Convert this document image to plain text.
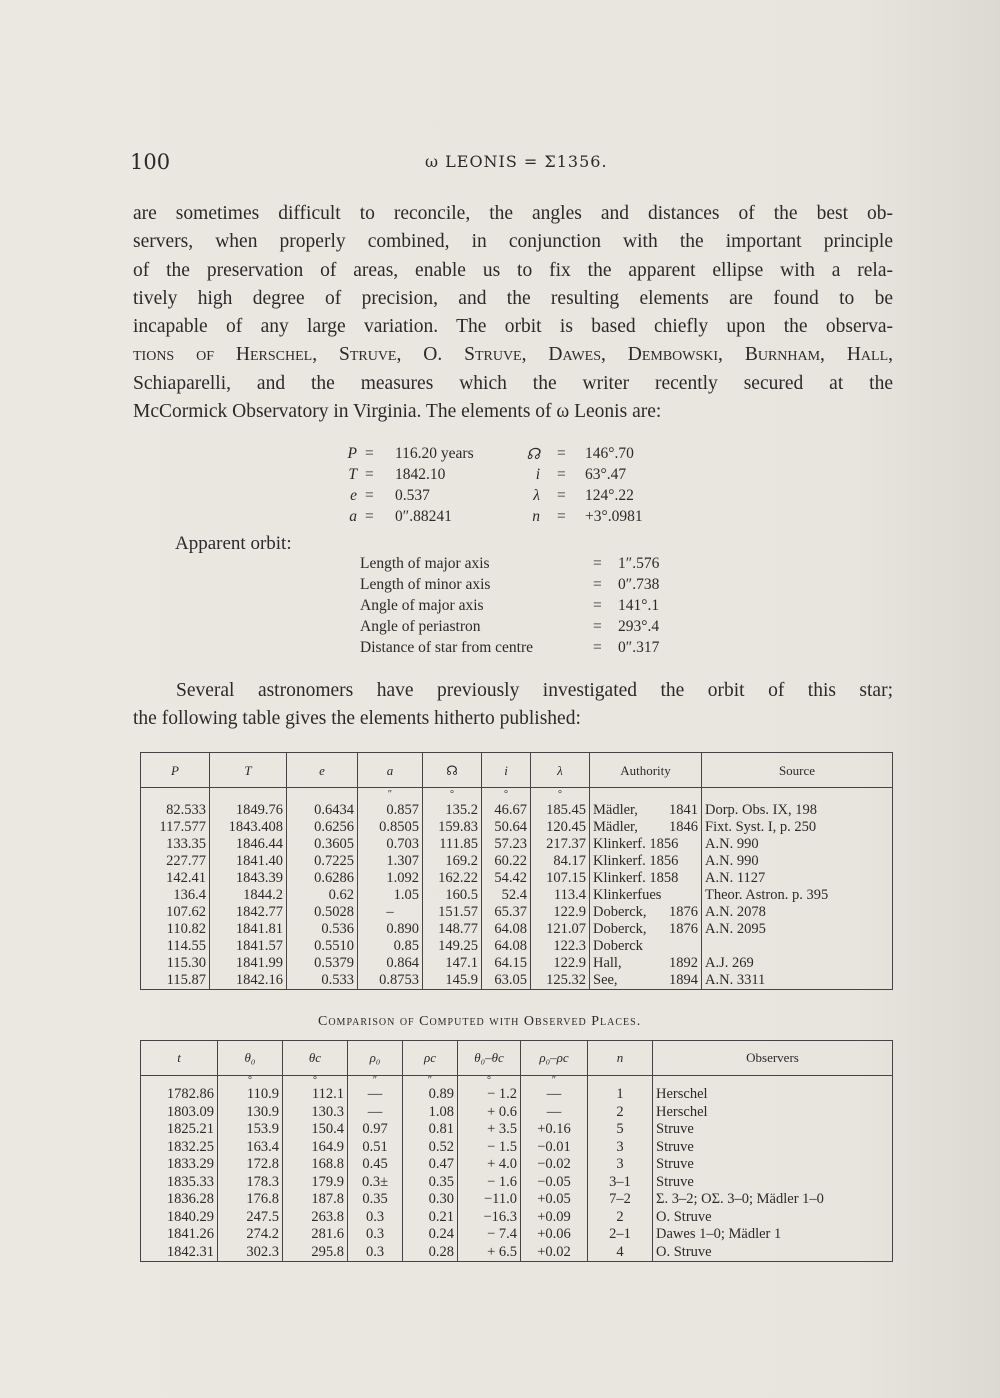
100	ω LEONIS = Σ1356.
are sometimes difficult to reconcile, the angles and distances of the best ob-
servers, when properly combined, in conjunction with the important principle
of the preservation of areas, enable us to fix the apparent ellipse with a rela-
tively high degree of precision, and the resulting elements are found to be
incapable of any large variation. The orbit is based chiefly upon the observa-
tions of Herschel, Struve, O. Struve, Dawes, Dembowski, Burnham, Hall,
Schiaparelli, and the measures which the writer recently secured at the
McCormick Observatory in Virginia. The elements of ω Leonis are:
P = 116.20 years	☊ = 146°.70
T = 1842.10	i = 63°.47
e = 0.537	λ = 124°.22
a = 0″.88241	n = +3°.0981
Apparent orbit:
Length of major axis	= 1″.576
Length of minor axis	= 0″.738
Angle of major axis	= 141°.1
Angle of periastron	= 293°.4
Distance of star from centre	= 0″.317
Several astronomers have previously investigated the orbit of this star;
the following table gives the elements hitherto published:
P	T	e	a	☊	i	λ	Authority	Source
			″	°	°	°		
82.533	1849.76	0.6434	0.857	135.2	46.67	185.45	Mädler, 1841	Dorp. Obs. IX, 198
117.577	1843.408	0.6256	0.8505	159.83	50.64	120.45	Mädler, 1846	Fixt. Syst. I, p. 250
133.35	1846.44	0.3605	0.703	111.85	57.23	217.37	Klinkerf. 1856	A.N. 990
227.77	1841.40	0.7225	1.307	169.2	60.22	84.17	Klinkerf. 1856	A.N. 990
142.41	1843.39	0.6286	1.092	162.22	54.42	107.15	Klinkerf. 1858	A.N. 1127
136.4	1844.2	0.62	1.05	160.5	52.4	113.4	Klinkerfues	Theor. Astron. p. 395
107.62	1842.77	0.5028	–	151.57	65.37	122.9	Doberck, 1876	A.N. 2078
110.82	1841.81	0.536	0.890	148.77	64.08	121.07	Doberck, 1876	A.N. 2095
114.55	1841.57	0.5510	0.85	149.25	64.08	122.3	Doberck	

115.30	1841.99	0.5379	0.864	147.1	64.15	122.9	Hall, 1892	A.J. 269
115.87	1842.16	0.533	0.8753	145.9	63.05	125.32	See, 1894	A.N. 3311
Comparison of Computed with Observed Places.
t	θ₀	θc	ρ₀	ρc	θ₀–θc	ρ₀–ρc	n	Observers
	°	°	″	″	°	″		
1782.86	110.9	112.1	—	0.89	− 1.2	—	1	Herschel
1803.09	130.9	130.3	—	1.08	+ 0.6	—	2	Herschel
1825.21	153.9	150.4	0.97	0.81	+ 3.5	+0.16	5	Struve
1832.25	163.4	164.9	0.51	0.52	− 1.5	−0.01	3	Struve
1833.29	172.8	168.8	0.45	0.47	+ 4.0	−0.02	3	Struve
1835.33	178.3	179.9	0.3±	0.35	− 1.6	−0.05	3–1	Struve
1836.28	176.8	187.8	0.35	0.30	−11.0	+0.05	7–2	Σ. 3–2; OΣ. 3–0; Mädler 1–0
1840.29	247.5	263.8	0.3	0.21	−16.3	+0.09	2	O. Struve
1841.26	274.2	281.6	0.3	0.24	− 7.4	+0.06	2–1	Dawes 1–0; Mädler 1
1842.31	302.3	295.8	0.3	0.28	+ 6.5	+0.02	4	O. Struve
